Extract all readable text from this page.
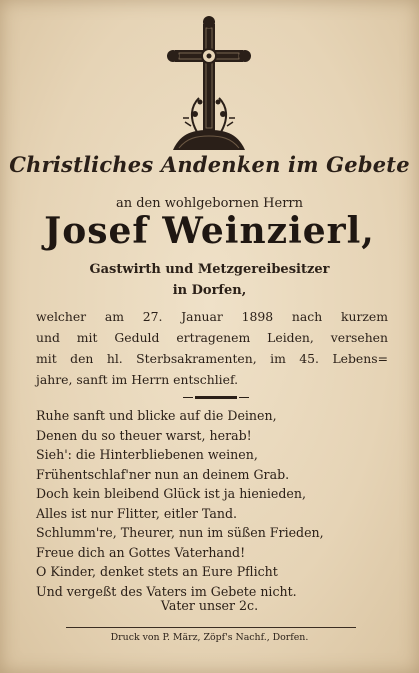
Christliches Andenken im Gebete
an den wohlgebornen Herrn
Josef Weinzierl,
Gastwirth und Metzgereibesitzer
in Dorfen,
welcher am 27. Januar 1898 nach kurzem
und mit Geduld ertragenem Leiden, versehen
mit den hl. Sterbsakramenten, im 45. Lebens=
jahre, sanft im Herrn entschlief.
Ruhe sanft und blicke auf die Deinen,
Denen du so theuer warst, herab!
Sieh': die Hinterbliebenen weinen,
Frühentschlaf'ner nun an deinem Grab.
Doch kein bleibend Glück ist ja hienieden,
Alles ist nur Flitter, eitler Tand.
Schlumm're, Theurer, nun im süßen Frieden,
Freue dich an Gottes Vaterhand!
O Kinder, denket stets an Eure Pflicht
Und vergeßt des Vaters im Gebete nicht.
Vater unser 2c.
Druck von P. März, Zöpf's Nachf., Dorfen.
